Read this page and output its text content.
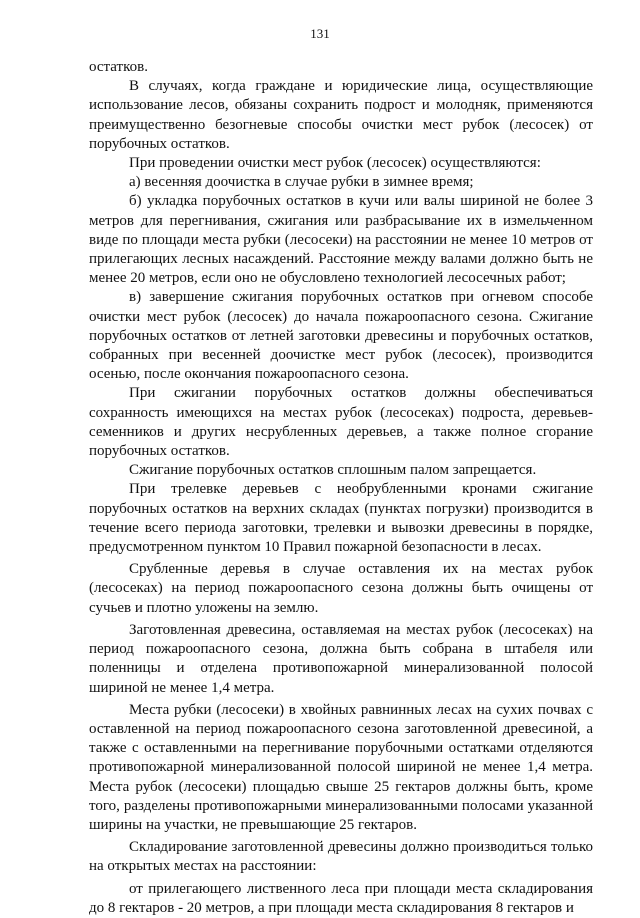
131

остатков.

В случаях, когда граждане и юридические лица, осуществляющие использование лесов, обязаны сохранить подрост и молодняк, применяются преимущественно безогневые способы очистки мест рубок (лесосек) от порубочных остатков.

При проведении очистки мест рубок (лесосек) осуществляются:

а) весенняя доочистка в случае рубки в зимнее время;

б) укладка порубочных остатков в кучи или валы шириной не более 3 метров для перегнивания, сжигания или разбрасывание их в измельченном виде по площади места рубки (лесосеки) на расстоянии не менее 10 метров от прилегающих лесных насаждений. Расстояние между валами должно быть не менее 20 метров, если оно не обусловлено технологией лесосечных работ;

в) завершение сжигания порубочных остатков при огневом способе очистки мест рубок (лесосек) до начала пожароопасного сезона. Сжигание порубочных остатков от летней заготовки древесины и порубочных остатков, собранных при весенней доочистке мест рубок (лесосек), производится осенью, после окончания пожароопасного сезона.

При сжигании порубочных остатков должны обеспечиваться сохранность имеющихся на местах рубок (лесосеках) подроста, деревьев-семенников и других несрубленных деревьев, а также полное сгорание порубочных остатков.

Сжигание порубочных остатков сплошным палом запрещается.

При трелевке деревьев с необрубленными кронами сжигание порубочных остатков на верхних складах (пунктах погрузки) производится в течение всего периода заготовки, трелевки и вывозки древесины в порядке, предусмотренном пунктом 10 Правил пожарной безопасности в лесах.

Срубленные деревья в случае оставления их на местах рубок (лесосеках) на период пожароопасного сезона должны быть очищены от сучьев и плотно уложены на землю.

Заготовленная древесина, оставляемая на местах рубок (лесосеках) на период пожароопасного сезона, должна быть собрана в штабеля или поленницы и отделена противопожарной минерализованной полосой шириной не менее 1,4 метра.

Места рубки (лесосеки) в хвойных равнинных лесах на сухих почвах с оставленной на период пожароопасного сезона заготовленной древесиной, а также с оставленными на перегнивание порубочными остатками отделяются противопожарной минерализованной полосой шириной не менее 1,4 метра. Места рубок (лесосеки) площадью свыше 25 гектаров должны быть, кроме того, разделены противопожарными минерализованными полосами указанной ширины на участки, не превышающие 25 гектаров.

Складирование заготовленной древесины должно производиться только на открытых местах на расстоянии:

от прилегающего лиственного леса при площади места складирования до 8 гектаров - 20 метров, а при площади места складирования 8 гектаров и
